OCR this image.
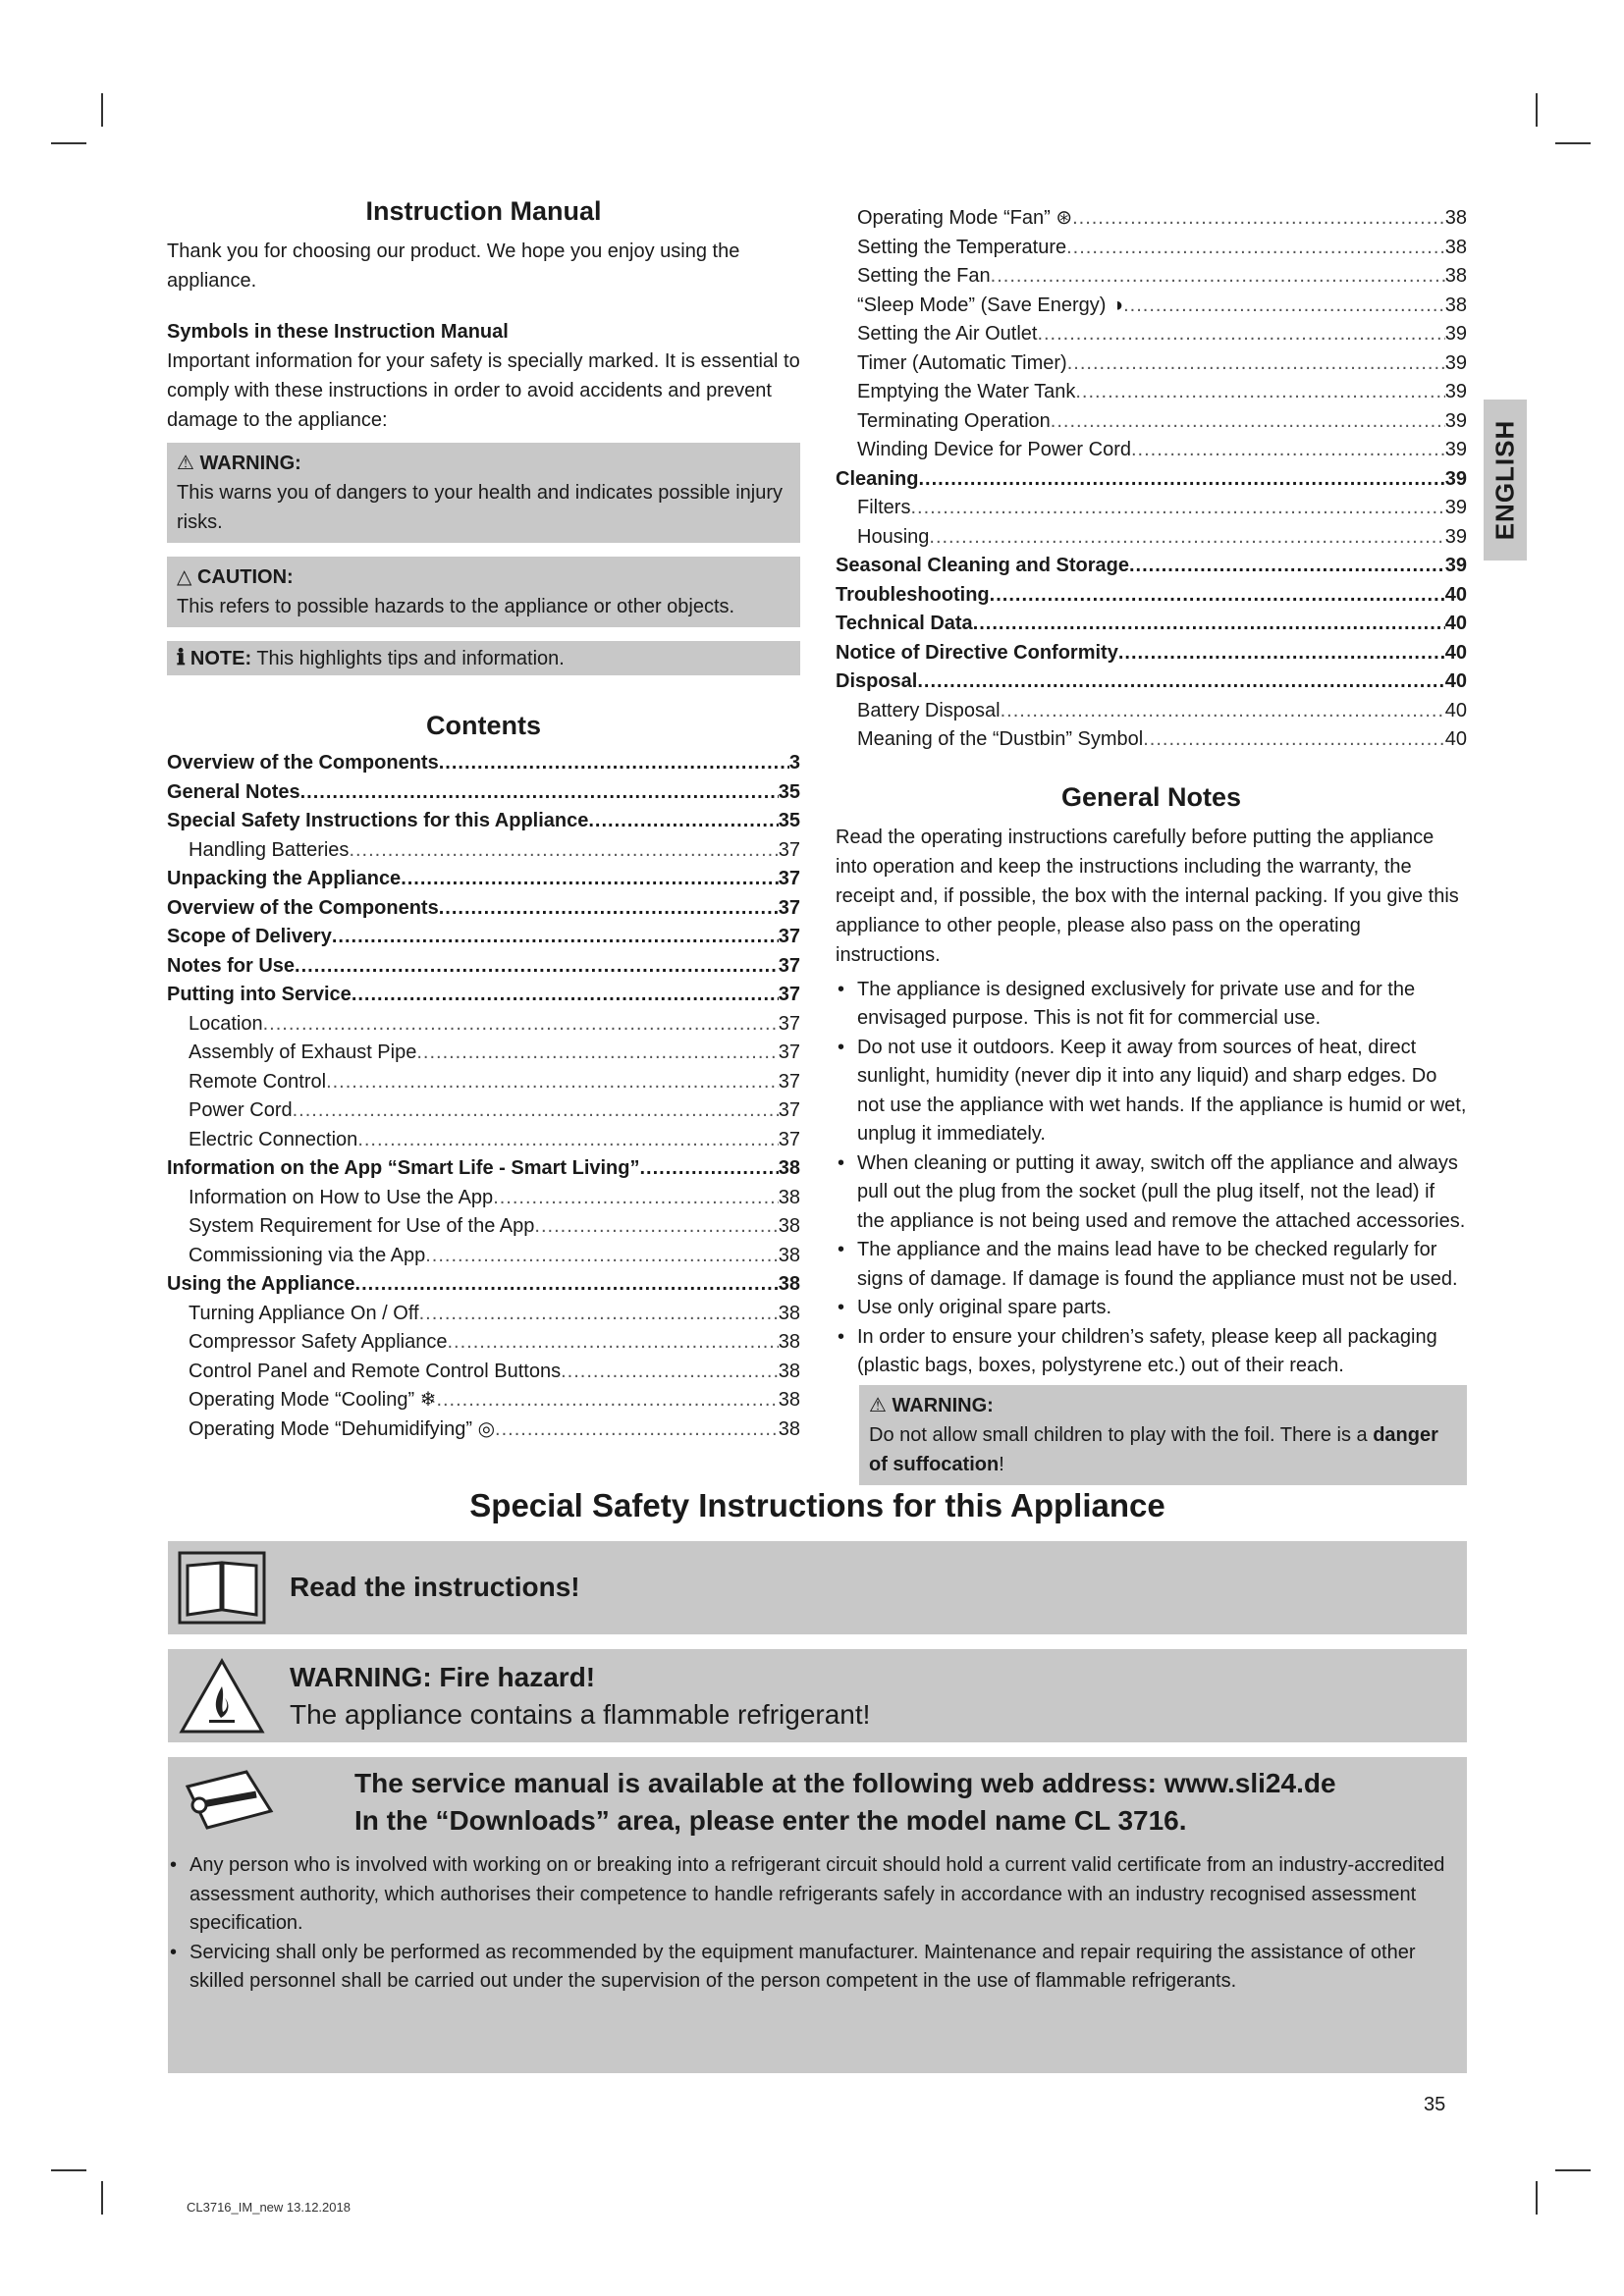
ENGLISH
Instruction Manual

Thank you for choosing our product. We hope you enjoy using the appliance.

Symbols in these Instruction Manual

Important information for your safety is specially marked. It is essential to comply with these instructions in order to avoid accidents and prevent damage to the appliance:

⚠ WARNING:
This warns you of dangers to your health and indicates possible injury risks.
△ CAUTION:
This refers to possible hazards to the appliance or other objects.
ℹ NOTE: This highlights tips and information.
Contents
Overview of the Components .....	3
General Notes .....	35
Special Safety Instructions for this Appliance .....	35
Handling Batteries .....	37
Unpacking the Appliance .....	37
Overview of the Components .....	37
Scope of Delivery .....	37
Notes for Use .....	37
Putting into Service .....	37
Location .....	37
Assembly of Exhaust Pipe .....	37
Remote Control .....	37
Power Cord .....	37
Electric Connection .....	37
Information on the App “Smart Life - Smart Living” .....	38
Information on How to Use the App .....	38
System Requirement for Use of the App .....	38
Commissioning via the App .....	38
Using the Appliance .....	38
Turning Appliance On / Off .....	38
Compressor Safety Appliance .....	38
Control Panel and Remote Control Buttons .....	38
Operating Mode “Cooling” ❄ .....	38
Operating Mode “Dehumidifying” ◎ .....	38
Operating Mode “Fan” ⊛ .....	38
Setting the Temperature .....	38
Setting the Fan .....	38
“Sleep Mode” (Save Energy) ◑ .....	38
Setting the Air Outlet .....	39
Timer (Automatic Timer) .....	39
Emptying the Water Tank .....	39
Terminating Operation .....	39
Winding Device for Power Cord .....	39
Cleaning .....	39
Filters .....	39
Housing .....	39
Seasonal Cleaning and Storage .....	39
Troubleshooting .....	40
Technical Data .....	40
Notice of Directive Conformity .....	40
Disposal .....	40
Battery Disposal .....	40
Meaning of the “Dustbin” Symbol .....	40
General Notes

Read the operating instructions carefully before putting the appliance into operation and keep the instructions including the warranty, the receipt and, if possible, the box with the internal packing. If you give this appliance to other people, please also pass on the operating instructions.

• The appliance is designed exclusively for private use and for the envisaged purpose. This is not fit for commercial use.
• Do not use it outdoors. Keep it away from sources of heat, direct sunlight, humidity (never dip it into any liquid) and sharp edges. Do not use the appliance with wet hands. If the appliance is humid or wet, unplug it immediately.
• When cleaning or putting it away, switch off the appliance and always pull out the plug from the socket (pull the plug itself, not the lead) if the appliance is not being used and remove the attached accessories.
• The appliance and the mains lead have to be checked regularly for signs of damage. If damage is found the appliance must not be used.
• Use only original spare parts.
• In order to ensure your children’s safety, please keep all packaging (plastic bags, boxes, polystyrene etc.) out of their reach.
⚠ WARNING:
Do not allow small children to play with the foil. There is a danger of suffocation!
Special Safety Instructions for this Appliance
Read the instructions!
WARNING: Fire hazard!
The appliance contains a flammable refrigerant!
The service manual is available at the following web address: www.sli24.de
In the “Downloads” area, please enter the model name CL 3716.
• Any person who is involved with working on or breaking into a refrigerant circuit should hold a current valid certificate from an industry-accredited assessment authority, which authorises their competence to handle refrigerants safely in accordance with an industry recognised assessment specification.
• Servicing shall only be performed as recommended by the equipment manufacturer. Maintenance and repair requiring the assistance of other skilled personnel shall be carried out under the supervision of the person competent in the use of flammable refrigerants.
35
CL3716_IM_new 13.12.2018
